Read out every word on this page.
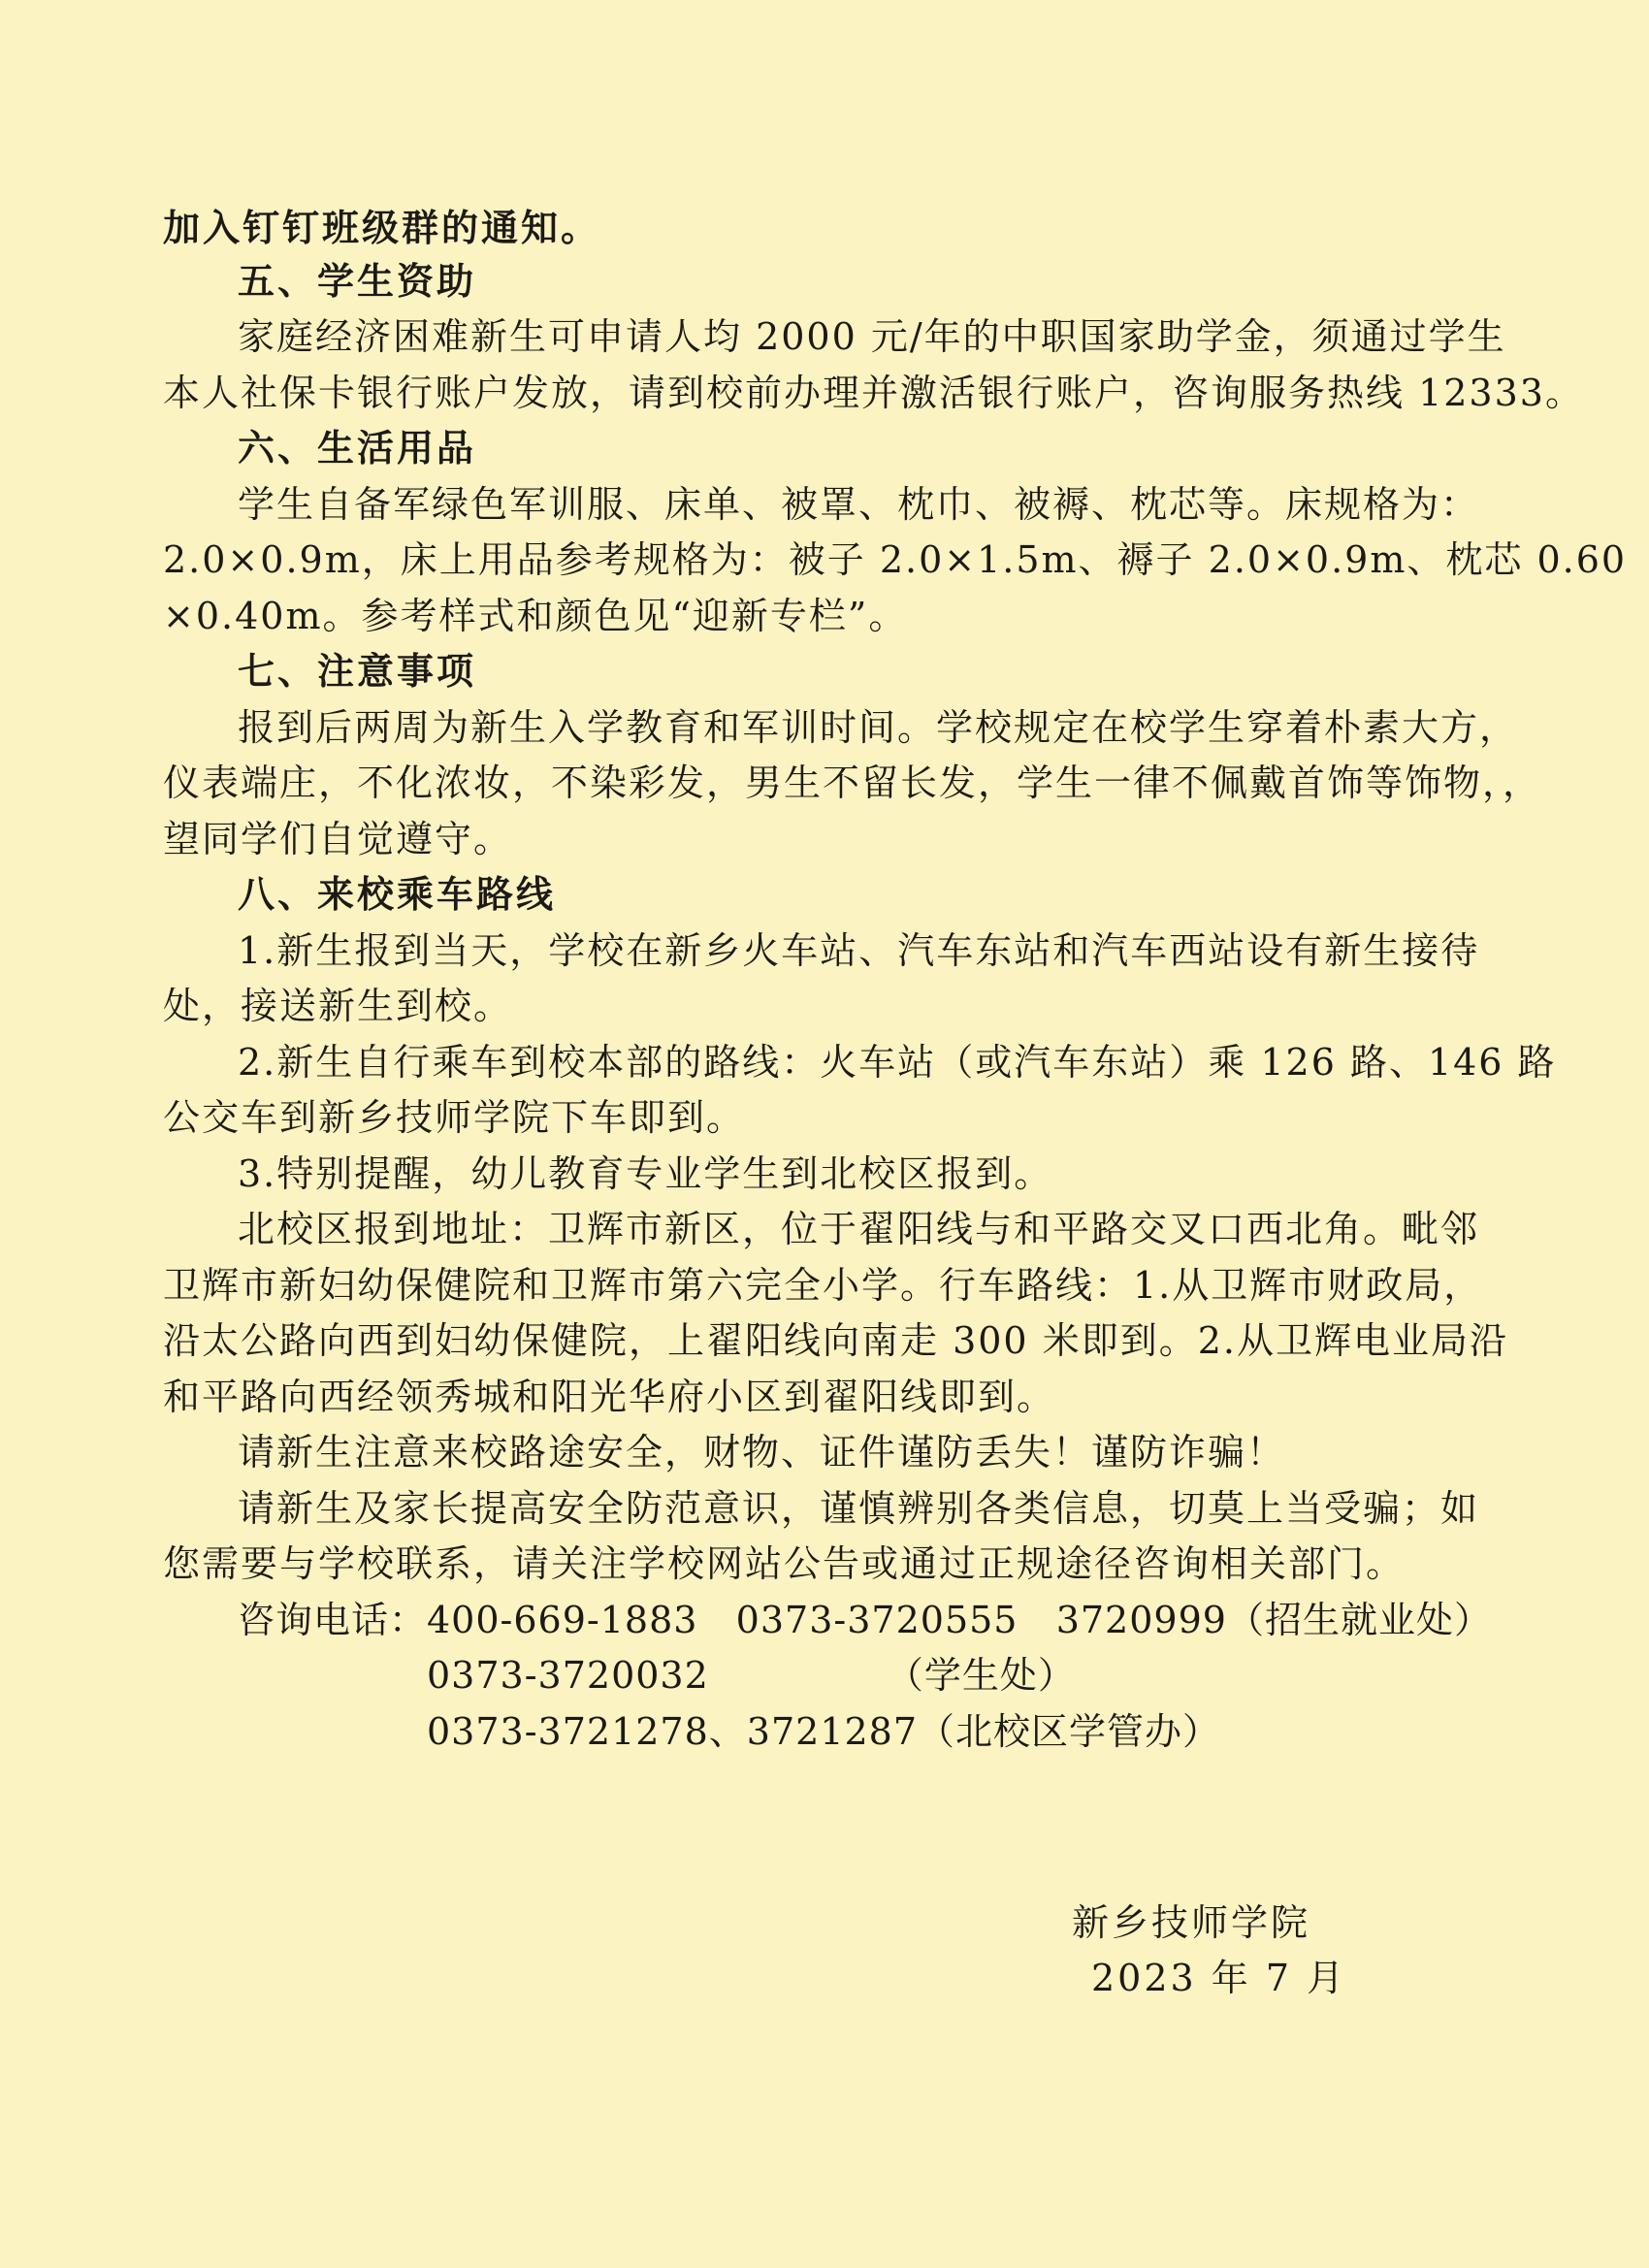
加入钉钉班级群的通知。
五、学生资助
家庭经济困难新生可申请人均 2000 元/年的中职国家助学金，须通过学生
本人社保卡银行账户发放，请到校前办理并激活银行账户，咨询服务热线 12333。
六、生活用品
学生自备军绿色军训服、床单、被罩、枕巾、被褥、枕芯等。床规格为：
2.0×0.9m，床上用品参考规格为：被子 2.0×1.5m、褥子 2.0×0.9m、枕芯 0.60
×0.40m。参考样式和颜色见“迎新专栏”。
七、注意事项
报到后两周为新生入学教育和军训时间。学校规定在校学生穿着朴素大方，
仪表端庄，不化浓妆，不染彩发，男生不留长发，学生一律不佩戴首饰等饰物，，
望同学们自觉遵守。
八、来校乘车路线
1.新生报到当天，学校在新乡火车站、汽车东站和汽车西站设有新生接待
处，接送新生到校。
2.新生自行乘车到校本部的路线：火车站（或汽车东站）乘 126 路、146 路
公交车到新乡技师学院下车即到。
3.特别提醒，幼儿教育专业学生到北校区报到。
北校区报到地址：卫辉市新区，位于翟阳线与和平路交叉口西北角。毗邻
卫辉市新妇幼保健院和卫辉市第六完全小学。行车路线：1.从卫辉市财政局，
沿太公路向西到妇幼保健院，上翟阳线向南走 300 米即到。2.从卫辉电业局沿
和平路向西经领秀城和阳光华府小区到翟阳线即到。
请新生注意来校路途安全，财物、证件谨防丢失！谨防诈骗！
请新生及家长提高安全防范意识，谨慎辨别各类信息，切莫上当受骗；如
您需要与学校联系，请关注学校网站公告或通过正规途径咨询相关部门。
咨询电话：400-669-1883   0373-3720555   3720999（招生就业处）
0373-3720032              （学生处）
0373-3721278、3721287（北校区学管办）
新乡技师学院
2023 年 7 月
